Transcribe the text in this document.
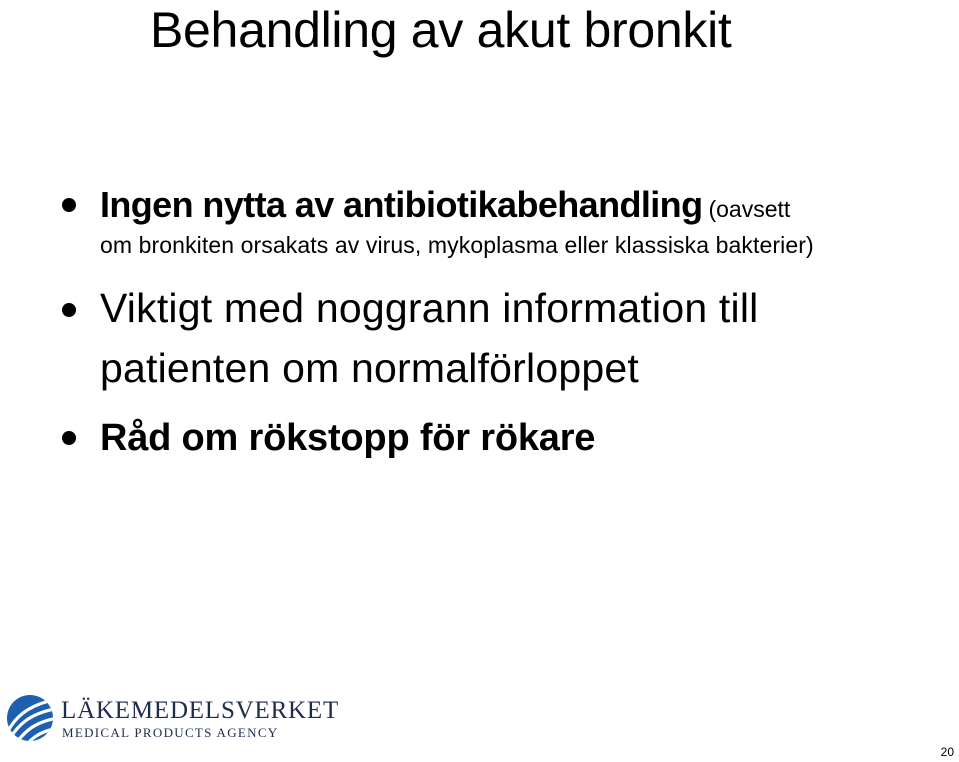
Behandling av akut bronkit
Ingen nytta av antibiotikabehandling (oavsett
om bronkiten orsakats av virus, mykoplasma eller klassiska bakterier)
Viktigt med noggrann information till
patienten om normalförloppet
Råd om rökstopp för rökare
LÄKEMEDELSVERKET
MEDICAL PRODUCTS AGENCY
20
